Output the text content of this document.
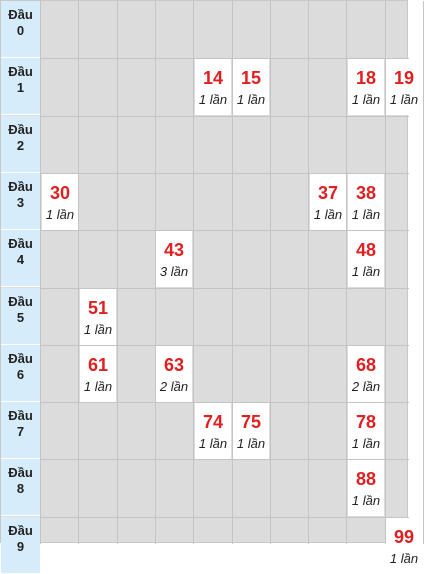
Đầu
0
Đầu
1
Đầu
2
Đầu
3
Đầu
4
Đầu
5
Đầu
6
Đầu
7
Đầu
8
Đầu
9
14
1 lần
15
1 lần
18
1 lần
19
1 lần
30
1 lần
37
1 lần
38
1 lần
43
3 lần
48
1 lần
51
1 lần
61
1 lần
63
2 lần
68
2 lần
74
1 lần
75
1 lần
78
1 lần
88
1 lần
99
1 lần
